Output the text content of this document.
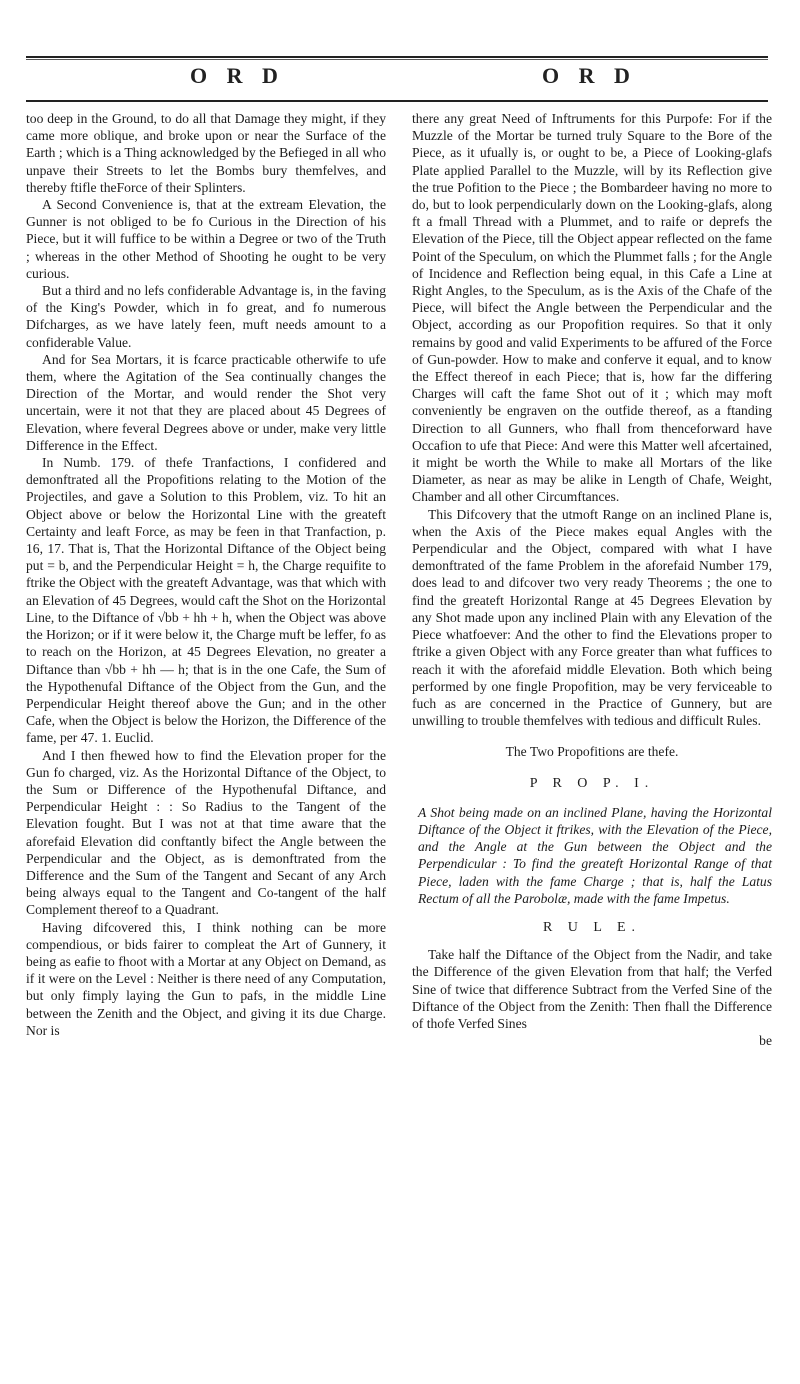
O R D	O R D

too deep in the Ground, to do all that Damage they might, if they came more oblique, and broke upon or near the Surface of the Earth ; which is a Thing acknowledged by the Befieged in all who unpave their Streets to let the Bombs bury themfelves, and thereby ftifle theForce of their Splinters.

A Second Convenience is, that at the extream Elevation, the Gunner is not obliged to be fo Curious in the Direction of his Piece, but it will fuffice to be within a Degree or two of the Truth ; whereas in the other Method of Shooting he ought to be very curious.

But a third and no lefs confiderable Advantage is, in the faving of the King's Powder, which in fo great, and fo numerous Difcharges, as we have lately feen, muft needs amount to a confiderable Value.

And for Sea Mortars, it is fcarce practicable otherwife to ufe them, where the Agitation of the Sea continually changes the Direction of the Mortar, and would render the Shot very uncertain, were it not that they are placed about 45 Degrees of Elevation, where feveral Degrees above or under, make very little Difference in the Effect.

In Numb. 179. of thefe Tranfactions, I confidered and demonftrated all the Propofitions relating to the Motion of the Projectiles, and gave a Solution to this Problem, viz. To hit an Object above or below the Horizontal Line with the greateft Certainty and leaft Force, as may be feen in that Tranfaction, p. 16, 17. That is, That the Horizontal Diftance of the Object being put = b, and the Perpendicular Height = h, the Charge requifite to ftrike the Object with the greateft Advantage, was that which with an Elevation of 45 Degrees, would caft the Shot on the Horizontal Line, to the Diftance of √bb + hh + h, when the Object was above the Horizon; or if it were below it, the Charge muft be leffer, fo as to reach on the Horizon, at 45 Degrees Elevation, no greater a Diftance than √bb + hh — h; that is in the one Cafe, the Sum of the Hypothenufal Diftance of the Object from the Gun, and the Perpendicular Height thereof above the Gun; and in the other Cafe, when the Object is below the Horizon, the Difference of the fame, per 47. 1. Euclid.

And I then fhewed how to find the Elevation proper for the Gun fo charged, viz. As the Horizontal Diftance of the Object, to the Sum or Difference of the Hypothenufal Diftance, and Perpendicular Height : : So Radius to the Tangent of the Elevation fought. But I was not at that time aware that the aforefaid Elevation did conftantly bifect the Angle between the Perpendicular and the Object, as is demonftrated from the Difference and the Sum of the Tangent and Secant of any Arch being always equal to the Tangent and Co-tangent of the half Complement thereof to a Quadrant.

Having difcovered this, I think nothing can be more compendious, or bids fairer to compleat the Art of Gunnery, it being as eafie to fhoot with a Mortar at any Object on Demand, as if it were on the Level : Neither is there need of any Computation, but only fimply laying the Gun to pafs, in the middle Line between the Zenith and the Object, and giving it its due Charge. Nor is

there any great Need of Inftruments for this Purpofe: For if the Muzzle of the Mortar be turned truly Square to the Bore of the Piece, as it ufually is, or ought to be, a Piece of Looking-glafs Plate applied Parallel to the Muzzle, will by its Reflection give the true Pofition to the Piece ; the Bombardeer having no more to do, but to look perpendicularly down on the Looking-glafs, along ft a fmall Thread with a Plummet, and to raife or deprefs the Elevation of the Piece, till the Object appear reflected on the fame Point of the Speculum, on which the Plummet falls ; for the Angle of Incidence and Reflection being equal, in this Cafe a Line at Right Angles, to the Speculum, as is the Axis of the Chafe of the Piece, will bifect the Angle between the Perpendicular and the Object, according as our Propofition requires. So that it only remains by good and valid Experiments to be affured of the Force of Gun-powder. How to make and conferve it equal, and to know the Effect thereof in each Piece; that is, how far the differing Charges will caft the fame Shot out of it ; which may moft conveniently be engraven on the outfide thereof, as a ftanding Direction to all Gunners, who fhall from thenceforward have Occafion to ufe that Piece: And were this Matter well afcertained, it might be worth the While to make all Mortars of the like Diameter, as near as may be alike in Length of Chafe, Weight, Chamber and all other Circumftances.

This Difcovery that the utmoft Range on an inclined Plane is, when the Axis of the Piece makes equal Angles with the Perpendicular and the Object, compared with what I have demonftrated of the fame Problem in the aforefaid Number 179, does lead to and difcover two very ready Theorems ; the one to find the greateft Horizontal Range at 45 Degrees Elevation by any Shot made upon any inclined Plain with any Elevation of the Piece whatfoever: And the other to find the Elevations proper to ftrike a given Object with any Force greater than what fuffices to reach it with the aforefaid middle Elevation. Both which being performed by one fingle Propofition, may be very ferviceable to fuch as are concerned in the Practice of Gunnery, but are unwilling to trouble themfelves with tedious and difficult Rules.

The Two Propofitions are thefe.

P R O P. I.

A Shot being made on an inclined Plane, having the Horizontal Diftance of the Object it ftrikes, with the Elevation of the Piece, and the Angle at the Gun between the Object and the Perpendicular : To find the greateft Horizontal Range of that Piece, laden with the fame Charge ; that is, half the Latus Rectum of all the Parobolæ, made with the fame Impetus.

R U L E.

Take half the Diftance of the Object from the Nadir, and take the Difference of the given Elevation from that half; the Verfed Sine of twice that difference Subtract from the Verfed Sine of the Diftance of the Object from the Zenith: Then fhall the Difference of thofe Verfed Sines

be
